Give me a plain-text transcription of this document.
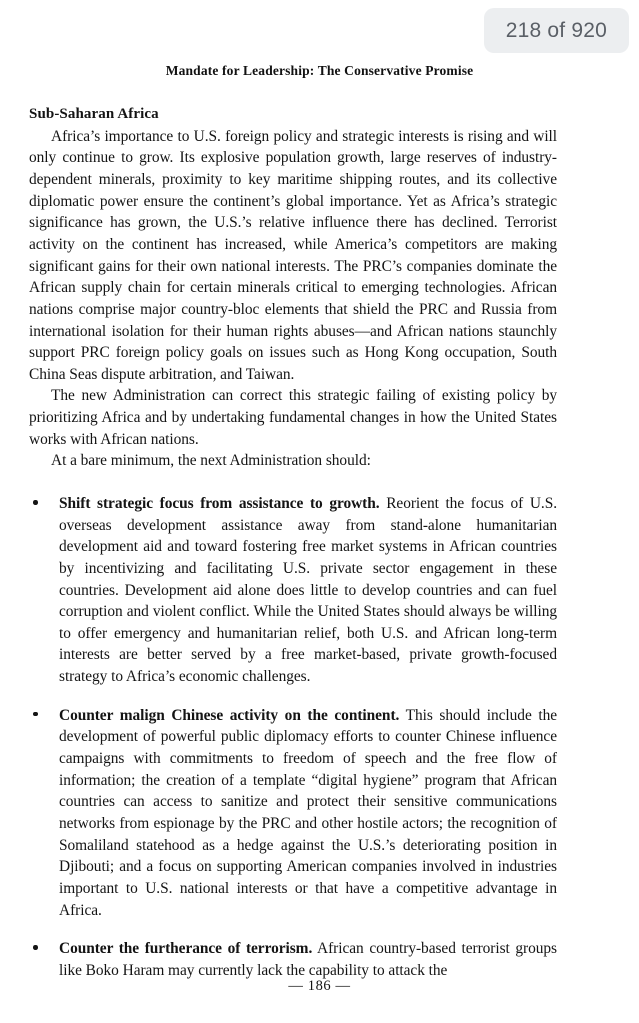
218 of 920
Mandate for Leadership: The Conservative Promise
Sub-Saharan Africa

Africa’s importance to U.S. foreign policy and strategic interests is rising and will only continue to grow. Its explosive population growth, large reserves of industry-dependent minerals, proximity to key maritime shipping routes, and its collective diplomatic power ensure the continent’s global importance. Yet as Africa’s strategic significance has grown, the U.S.’s relative influence there has declined. Terrorist activity on the continent has increased, while America’s competitors are making significant gains for their own national interests. The PRC’s companies dominate the African supply chain for certain minerals critical to emerging technologies. African nations comprise major country-bloc elements that shield the PRC and Russia from international isolation for their human rights abuses—and African nations staunchly support PRC foreign policy goals on issues such as Hong Kong occupation, South China Seas dispute arbitration, and Taiwan.

The new Administration can correct this strategic failing of existing policy by prioritizing Africa and by undertaking fundamental changes in how the United States works with African nations.

At a bare minimum, the next Administration should:

Shift strategic focus from assistance to growth. Reorient the focus of U.S. overseas development assistance away from stand-alone humanitarian development aid and toward fostering free market systems in African countries by incentivizing and facilitating U.S. private sector engagement in these countries. Development aid alone does little to develop countries and can fuel corruption and violent conflict. While the United States should always be willing to offer emergency and humanitarian relief, both U.S. and African long-term interests are better served by a free market-based, private growth-focused strategy to Africa’s economic challenges.
Counter malign Chinese activity on the continent. This should include the development of powerful public diplomacy efforts to counter Chinese influence campaigns with commitments to freedom of speech and the free flow of information; the creation of a template “digital hygiene” program that African countries can access to sanitize and protect their sensitive communications networks from espionage by the PRC and other hostile actors; the recognition of Somaliland statehood as a hedge against the U.S.’s deteriorating position in Djibouti; and a focus on supporting American companies involved in industries important to U.S. national interests or that have a competitive advantage in Africa.
Counter the furtherance of terrorism. African country-based terrorist groups like Boko Haram may currently lack the capability to attack the
— 186 —
